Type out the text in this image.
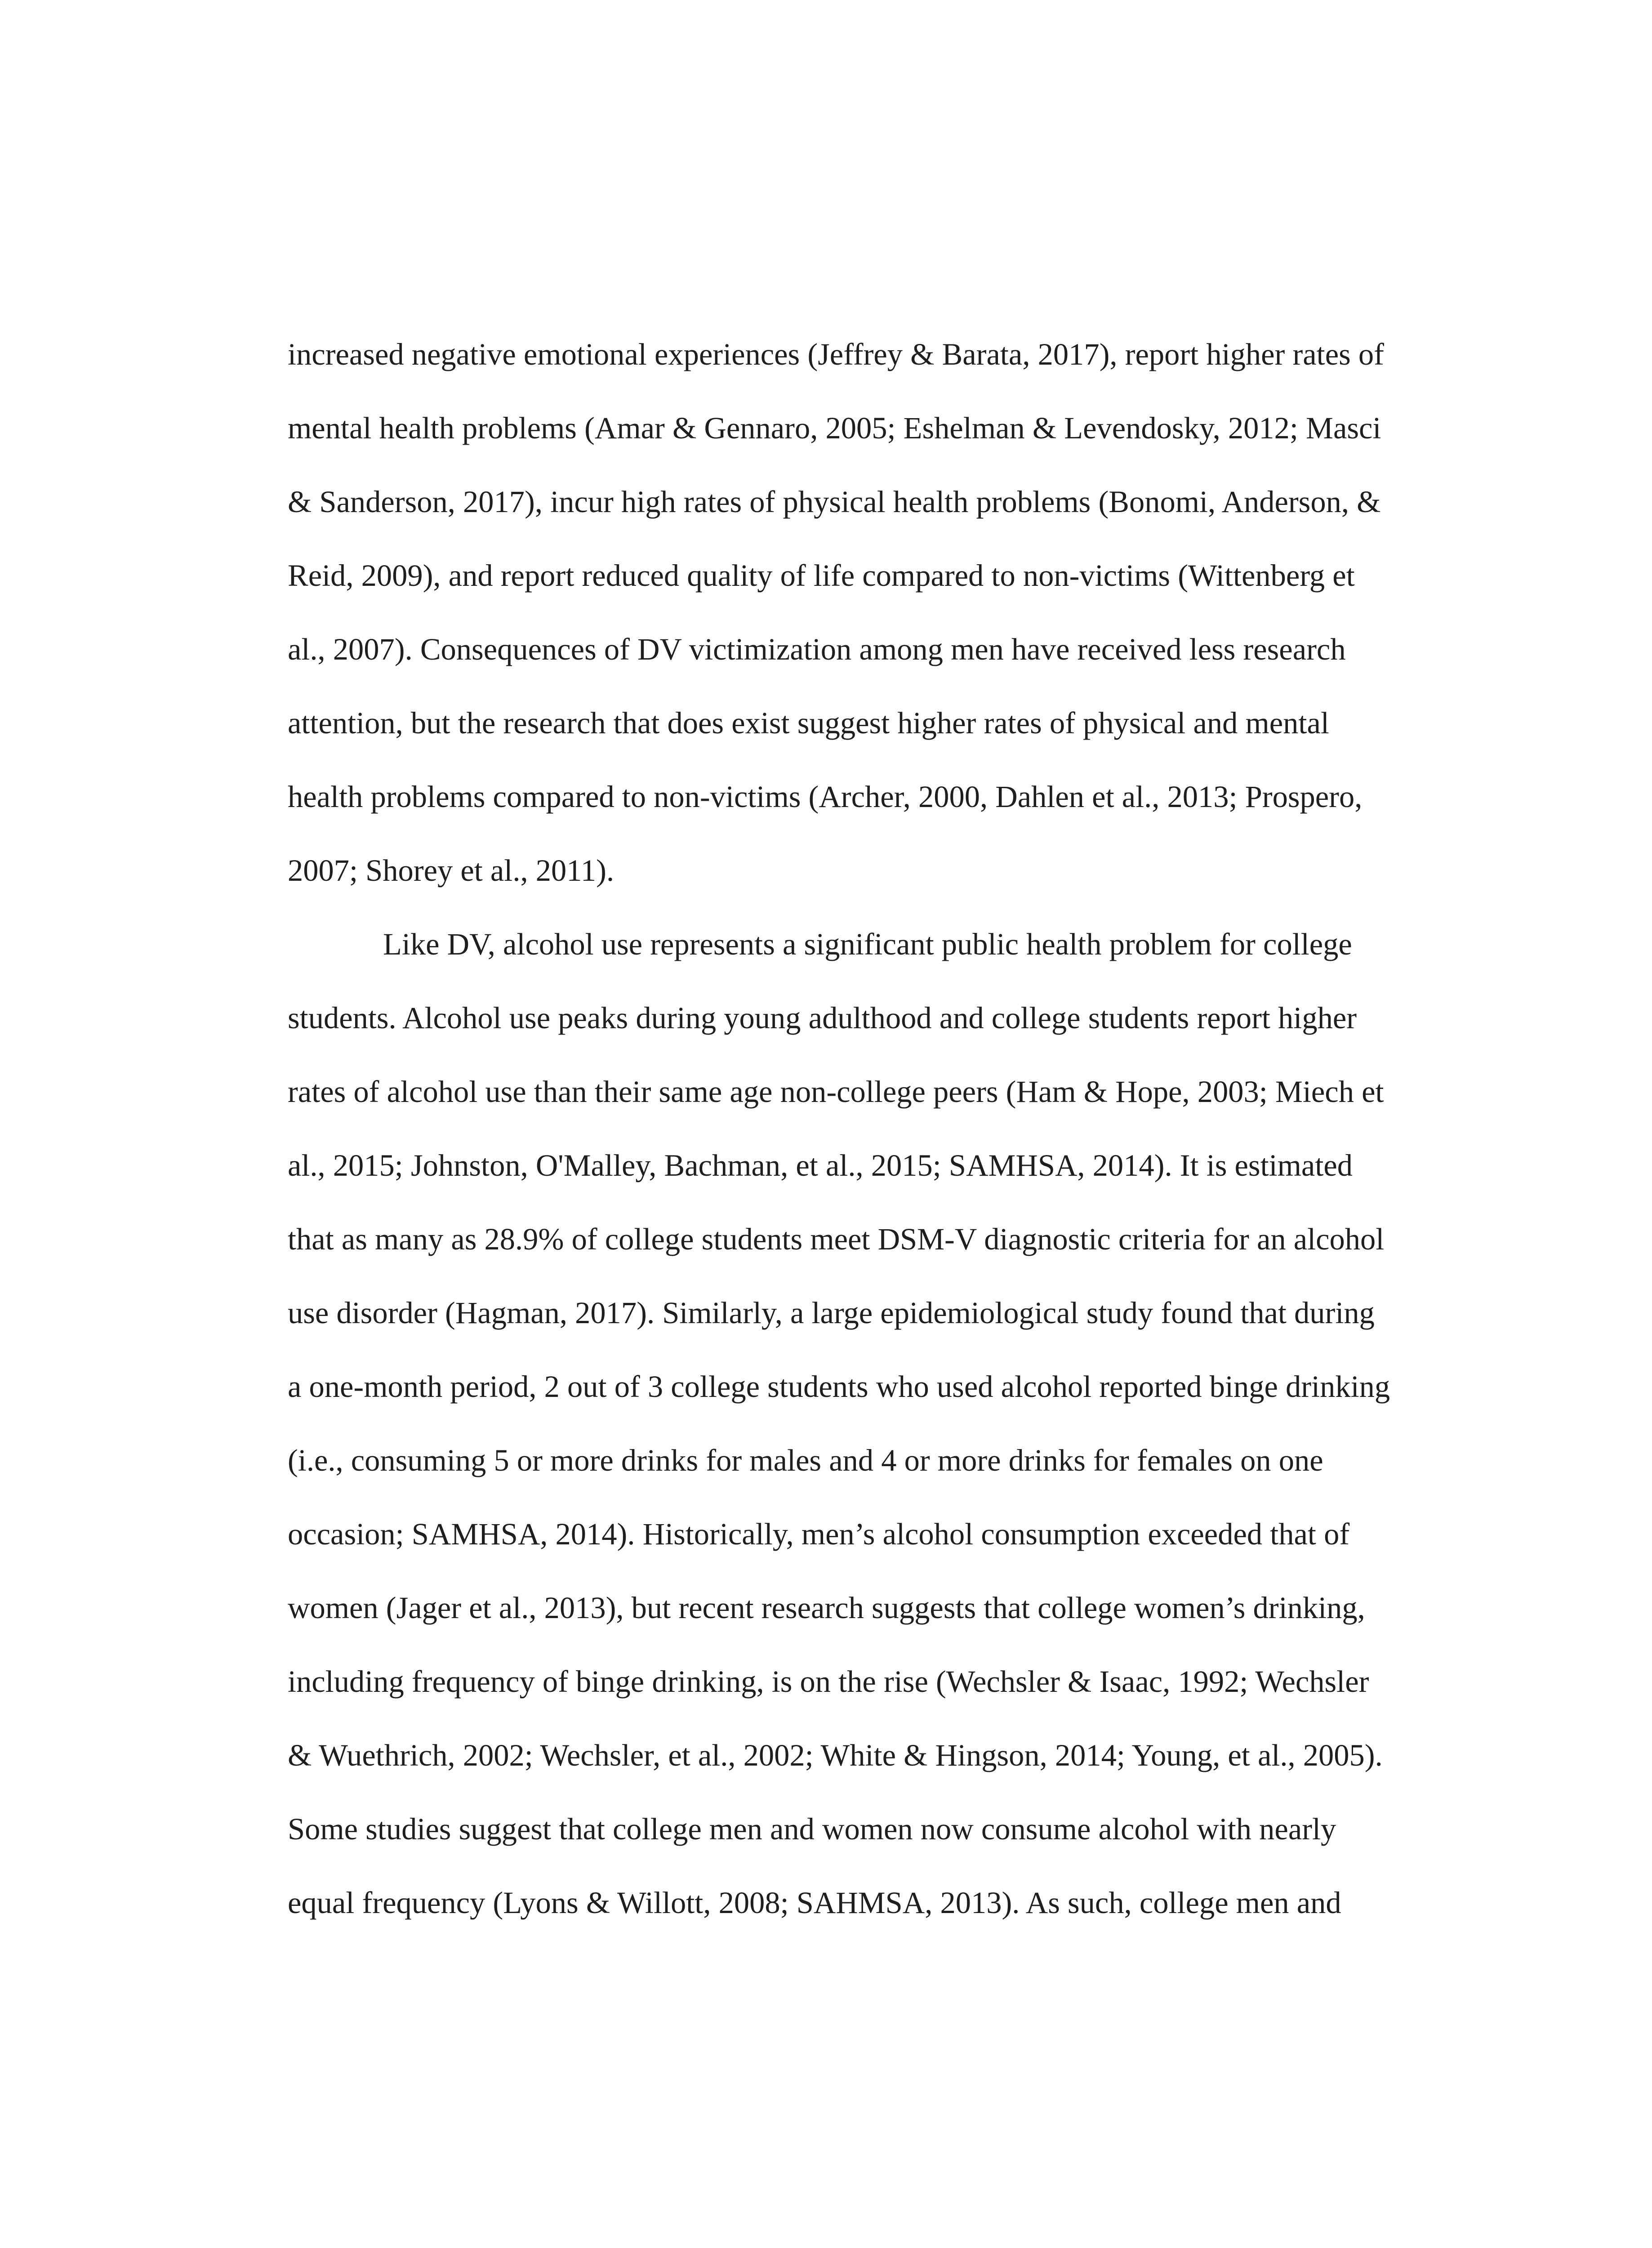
increased negative emotional experiences (Jeffrey & Barata, 2017), report higher rates of
mental health problems (Amar & Gennaro, 2005; Eshelman & Levendosky, 2012; Masci
& Sanderson, 2017), incur high rates of physical health problems (Bonomi, Anderson, &
Reid, 2009), and report reduced quality of life compared to non-victims (Wittenberg et
al., 2007). Consequences of DV victimization among men have received less research
attention, but the research that does exist suggest higher rates of physical and mental
health problems compared to non-victims (Archer, 2000, Dahlen et al., 2013; Prospero,
2007; Shorey et al., 2011).
Like DV, alcohol use represents a significant public health problem for college
students. Alcohol use peaks during young adulthood and college students report higher
rates of alcohol use than their same age non-college peers (Ham & Hope, 2003; Miech et
al., 2015; Johnston, O'Malley, Bachman, et al., 2015; SAMHSA, 2014). It is estimated
that as many as 28.9% of college students meet DSM-V diagnostic criteria for an alcohol
use disorder (Hagman, 2017). Similarly, a large epidemiological study found that during
a one-month period, 2 out of 3 college students who used alcohol reported binge drinking
(i.e., consuming 5 or more drinks for males and 4 or more drinks for females on one
occasion; SAMHSA, 2014). Historically, men’s alcohol consumption exceeded that of
women (Jager et al., 2013), but recent research suggests that college women’s drinking,
including frequency of binge drinking, is on the rise (Wechsler & Isaac, 1992; Wechsler
& Wuethrich, 2002; Wechsler, et al., 2002; White & Hingson, 2014; Young, et al., 2005).
Some studies suggest that college men and women now consume alcohol with nearly
equal frequency (Lyons & Willott, 2008; SAHMSA, 2013). As such, college men and
